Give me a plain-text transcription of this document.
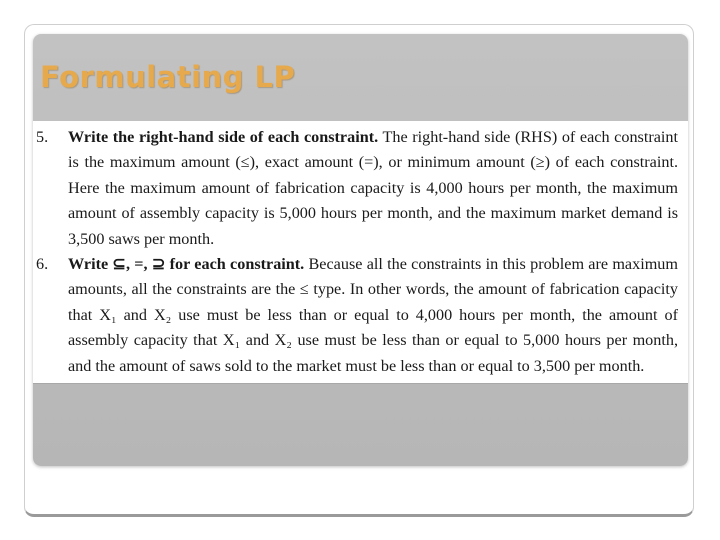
Formulating LP
5. Write the right-hand side of each constraint. The right-hand side (RHS) of each constraint is the maximum amount (≤), exact amount (=), or minimum amount (≥) of each constraint. Here the maximum amount of fabrication capacity is 4,000 hours per month, the maximum amount of assembly capacity is 5,000 hours per month, and the maximum market demand is 3,500 saws per month.
6. Write ⊆, =, ⊇ for each constraint. Because all the constraints in this problem are maximum amounts, all the constraints are the ≤ type. In other words, the amount of fabrication capacity that X₁ and X₂ use must be less than or equal to 4,000 hours per month, the amount of assembly capacity that X₁ and X₂ use must be less than or equal to 5,000 hours per month, and the amount of saws sold to the market must be less than or equal to 3,500 per month.
